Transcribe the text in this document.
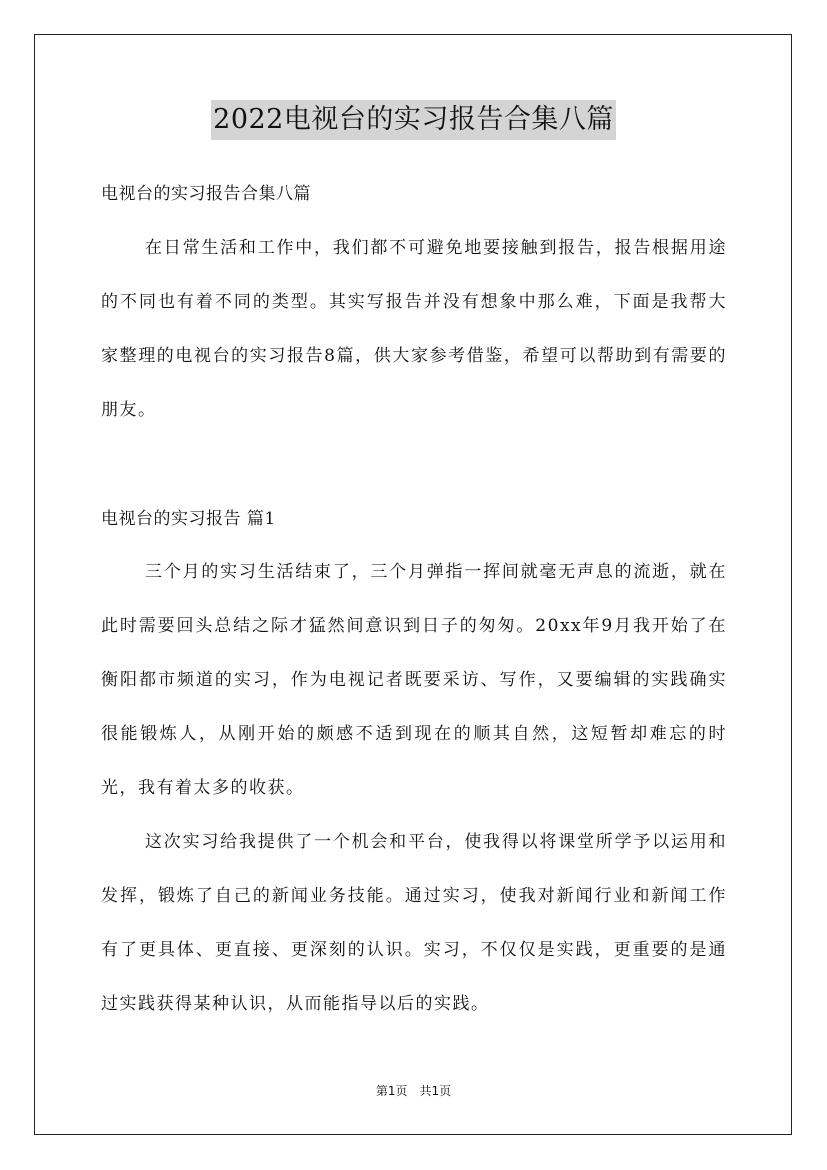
2022电视台的实习报告合集八篇
电视台的实习报告合集八篇

在日常生活和工作中，我们都不可避免地要接触到报告，报告根据用途的不同也有着不同的类型。其实写报告并没有想象中那么难，下面是我帮大家整理的电视台的实习报告8篇，供大家参考借鉴，希望可以帮助到有需要的朋友。

电视台的实习报告 篇1

三个月的实习生活结束了，三个月弹指一挥间就毫无声息的流逝，就在此时需要回头总结之际才猛然间意识到日子的匆匆。20xx年9月我开始了在衡阳都市频道的实习，作为电视记者既要采访、写作，又要编辑的实践确实很能锻炼人，从刚开始的颇感不适到现在的顺其自然，这短暂却难忘的时光，我有着太多的收获。

这次实习给我提供了一个机会和平台，使我得以将课堂所学予以运用和发挥，锻炼了自己的新闻业务技能。通过实习，使我对新闻行业和新闻工作有了更具体、更直接、更深刻的认识。实习，不仅仅是实践，更重要的是通过实践获得某种认识，从而能指导以后的实践。

第1页　共1页
